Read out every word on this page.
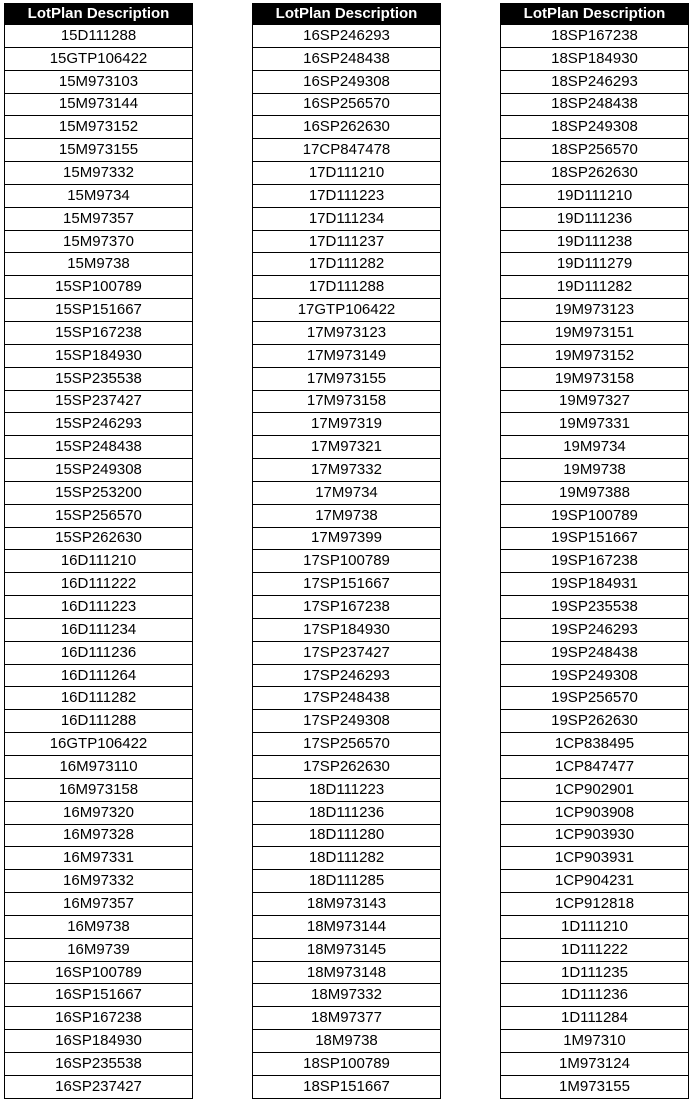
LotPlan Description
15D111288
15GTP106422
15M973103
15M973144
15M973152
15M973155
15M97332
15M9734
15M97357
15M97370
15M9738
15SP100789
15SP151667
15SP167238
15SP184930
15SP235538
15SP237427
15SP246293
15SP248438
15SP249308
15SP253200
15SP256570
15SP262630
16D111210
16D111222
16D111223
16D111234
16D111236
16D111264
16D111282
16D111288
16GTP106422
16M973110
16M973158
16M97320
16M97328
16M97331
16M97332
16M97357
16M9738
16M9739
16SP100789
16SP151667
16SP167238
16SP184930
16SP235538
16SP237427
LotPlan Description
16SP246293
16SP248438
16SP249308
16SP256570
16SP262630
17CP847478
17D111210
17D111223
17D111234
17D111237
17D111282
17D111288
17GTP106422
17M973123
17M973149
17M973155
17M973158
17M97319
17M97321
17M97332
17M9734
17M9738
17M97399
17SP100789
17SP151667
17SP167238
17SP184930
17SP237427
17SP246293
17SP248438
17SP249308
17SP256570
17SP262630
18D111223
18D111236
18D111280
18D111282
18D111285
18M973143
18M973144
18M973145
18M973148
18M97332
18M97377
18M9738
18SP100789
18SP151667
LotPlan Description
18SP167238
18SP184930
18SP246293
18SP248438
18SP249308
18SP256570
18SP262630
19D111210
19D111236
19D111238
19D111279
19D111282
19M973123
19M973151
19M973152
19M973158
19M97327
19M97331
19M9734
19M9738
19M97388
19SP100789
19SP151667
19SP167238
19SP184931
19SP235538
19SP246293
19SP248438
19SP249308
19SP256570
19SP262630
1CP838495
1CP847477
1CP902901
1CP903908
1CP903930
1CP903931
1CP904231
1CP912818
1D111210
1D111222
1D111235
1D111236
1D111284
1M97310
1M973124
1M973155
